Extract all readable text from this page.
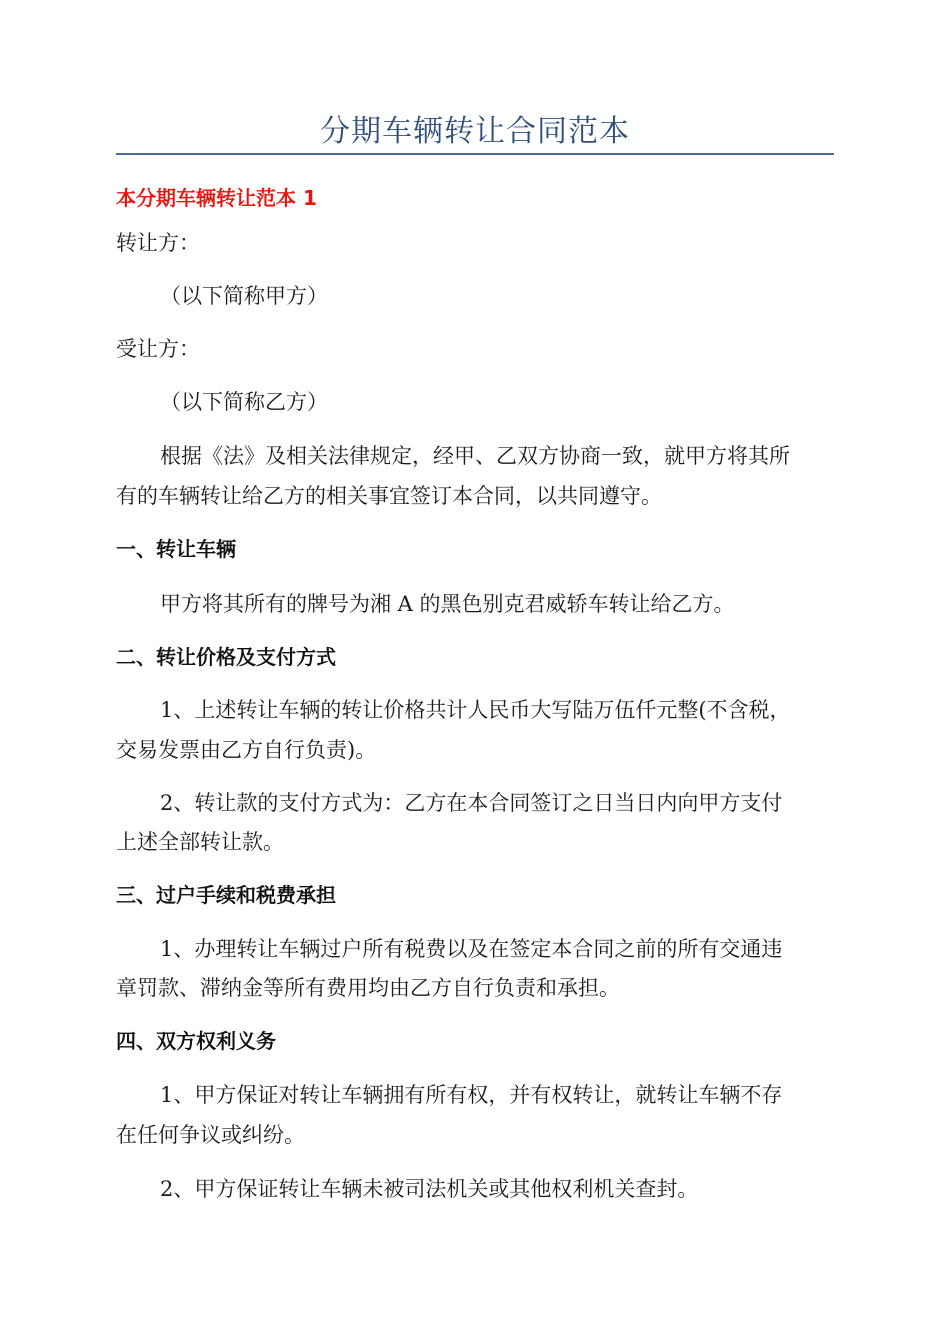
分期车辆转让合同范本
本分期车辆转让范本 1
转让方：
（以下简称甲方）
受让方：
（以下简称乙方）
根据《法》及相关法律规定，经甲、乙双方协商一致，就甲方将其所
有的车辆转让给乙方的相关事宜签订本合同，以共同遵守。
一、转让车辆
甲方将其所有的牌号为湘 A 的黑色别克君威轿车转让给乙方。
二、转让价格及支付方式
1、上述转让车辆的转让价格共计人民币大写陆万伍仟元整(不含税，
交易发票由乙方自行负责)。
2、转让款的支付方式为：乙方在本合同签订之日当日内向甲方支付
上述全部转让款。
三、过户手续和税费承担
1、办理转让车辆过户所有税费以及在签定本合同之前的所有交通违
章罚款、滞纳金等所有费用均由乙方自行负责和承担。
四、双方权利义务
1、甲方保证对转让车辆拥有所有权，并有权转让，就转让车辆不存
在任何争议或纠纷。
2、甲方保证转让车辆未被司法机关或其他权利机关查封。
